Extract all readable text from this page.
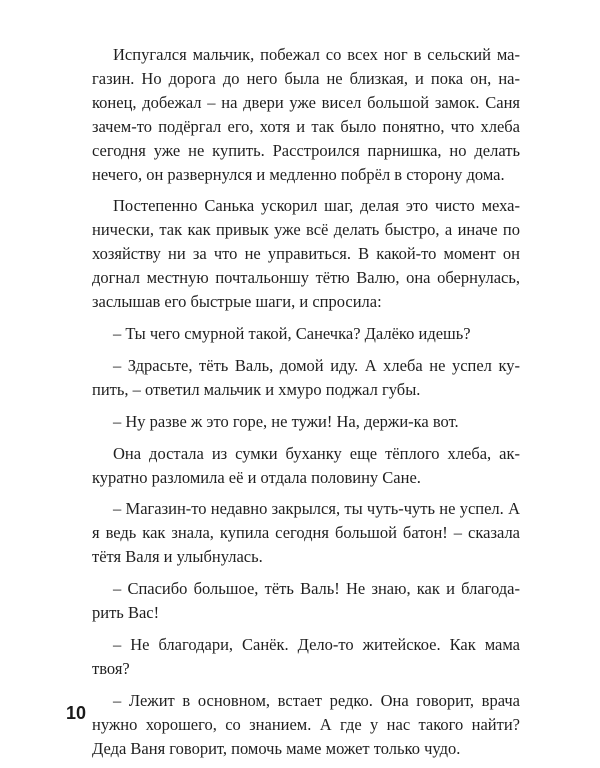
Испугался мальчик, побежал со всех ног в сельский магазин. Но дорога до него была не близкая, и пока он, наконец, добежал – на двери уже висел большой замок. Саня зачем-то подёргал его, хотя и так было понятно, что хлеба сегодня уже не купить. Расстроился парнишка, но делать нечего, он развернулся и медленно побрёл в сторону дома.

Постепенно Санька ускорил шаг, делая это чисто механически, так как привык уже всё делать быстро, а иначе по хозяйству ни за что не управиться. В какой-то момент он догнал местную почтальоншу тётю Валю, она обернулась, заслышав его быстрые шаги, и спросила:

– Ты чего смурной такой, Санечка? Далёко идешь?

– Здрасьте, тёть Валь, домой иду. А хлеба не успел купить, – ответил мальчик и хмуро поджал губы.

– Ну разве ж это горе, не тужи! На, держи-ка вот.

Она достала из сумки буханку еще тёплого хлеба, аккуратно разломила её и отдала половину Сане.

– Магазин-то недавно закрылся, ты чуть-чуть не успел. А я ведь как знала, купила сегодня большой батон! – сказала тётя Валя и улыбнулась.

– Спасибо большое, тёть Валь! Не знаю, как и благодарить Вас!

– Не благодари, Санёк. Дело-то житейское. Как мама твоя?

– Лежит в основном, встает редко. Она говорит, врача нужно хорошего, со знанием. А где у нас такого найти? Деда Ваня говорит, помочь маме может только чудо.

10
